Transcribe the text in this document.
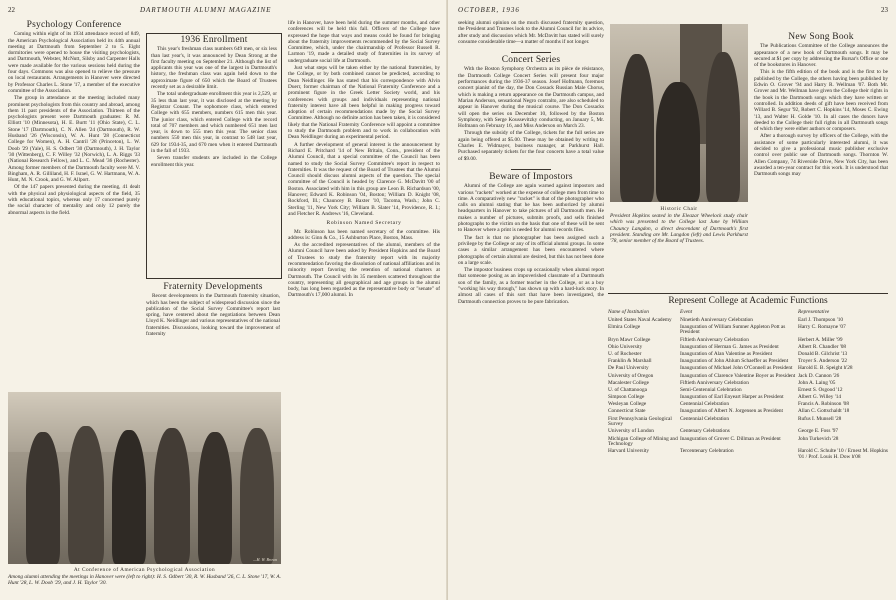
22	DARTMOUTH ALUMNI MAGAZINE
Psychology Conference

Coming within eight of its 1934 attendance record of 849, the American Psychological Association held its 44th annual meeting at Dartmouth from September 2 to 5. Eight dormitories were opened to house the visiting psychologists, and Dartmouth, Webster, McNutt, Silsby and Carpenter Halls were made available for the various sessions held during the four days. Commons was also opened to relieve the pressure on local restaurants. Arrangements in Hanover were directed by Professor Charles L. Stone '17, a member of the executive committee of the Association.

The group in attendance at the meeting included many prominent psychologists from this country and abroad, among them 11 past presidents of the Association. Thirteen of the psychologists present were Dartmouth graduates: R. M. Elliott '10 (Minnesota), H. E. Burtt '11 (Ohio State), C. L. Stone '17 (Dartmouth), C. N. Allen '24 (Dartmouth), R. W. Husband '26 (Wisconsin), W. A. Hunt '28 (Connecticut College for Women), A. H. Cantril '28 (Princeton), L. W. Doob '29 (Yale), H. S. Odbert '30 (Dartmouth), J. H. Taylor '30 (Wittenberg), C. F. Willey '32 (Norwich), L. A. Riggs '33 (National Research Fellow), and L. C. Mead '36 (Rochester). Among former members of the Dartmouth faculty were M. V. Bingham, A. R. Gilliland, H. F. Israel, G. W. Hartmann, W. A. Hunt, M. N. Crook, and G. W. Allport.

Of the 147 papers presented during the meeting, 41 dealt with the physical and physiological aspects of the field, 35 with educational topics, whereas only 17 concerned purely the social character of mentality and only 12 purely the abnormal aspects in the field.

1936 Enrollment

This year's freshman class numbers 649 men, or six less than last year's, it was announced by Dean Strong at the first faculty meeting on September 21. Although the list of applicants this year was one of the largest in Dartmouth's history, the freshman class was again held down to the approximate figure of 650 which the Board of Trustees recently set as a desirable limit.

The total undergraduate enrollment this year is 2,529, or 35 less than last year, it was disclosed at the meeting by Registrar Conant. The sophomore class, which entered College with 655 members, numbers 615 men this year. The junior class, which entered College with the record total of 707 members and which numbered 651 men last year, is down to 555 men this year. The senior class numbers 550 men this year, in contrast to 548 last year, 629 for 1934-35, and 670 men when it entered Dartmouth in the fall of 1933.

Seven transfer students are included in the College enrollment this year.

Fraternity Developments

Recent developments in the Dartmouth fraternity situation, which has been the subject of widespread discussion since the publication of the Social Survey Committee's report last spring, have centered about the negotiations between Dean Lloyd K. Neidlinger and various representatives of the national fraternities. Discussions, looking toward the improvement of fraternity

life in Hanover, have been held during the summer months, and other conferences will be held this fall. Officers of the College have expressed the hope that ways and means could be found for bringing about the fraternity improvements recommended by the Social Survey Committee, which, under the chairmanship of Professor Russell R. Larmon '19, made a detailed study of fraternities in its survey of undergraduate social life at Dartmouth.

Just what steps will be taken either by the national fraternities, by the College, or by both combined cannot be predicted, according to Dean Neidlinger. He has stated that his correspondence with Alvin Duerr, former chairman of the National Fraternity Conference and a prominent figure in the Greek Letter Society world, and his conferences with groups and individuals representing national fraternity interest have all been helpful in making progress toward adoption of certain recommendations made by the Social Survey Committee. Although no definite action has been taken, it is considered likely that the National Fraternity Conference will appoint a committee to study the Dartmouth problem and to work in collaboration with Dean Neidlinger during an experimental period.

A further development of general interest is the announcement by Richard E. Pritchard '14 of New Britain, Conn., president of the Alumni Council, that a special committee of the Council has been named to study the Social Survey Committee's report in respect to fraternities. It was the request of the Board of Trustees that the Alumni Council should discuss alumni aspects of the question. The special committee of the Council is headed by Clarence G. McDavitt '00 of Boston. Associated with him in this group are Leon B. Richardson '00, Hanover; Edward K. Robinson '04, Boston; William D. Knight '08, Rockford, Ill.; Chauncey B. Baxter '10, Tacoma, Wash.; John C. Sterling '11, New York City; William B. Slater '14, Providence, R. I.; and Fletcher R. Andrews '16, Cleveland.

Robinson Named Secretary

Mr. Robinson has been named secretary of the committee. His address is: Ginn & Co., 15 Ashburton Place, Boston, Mass.

As the accredited representatives of the alumni, members of the Alumni Council have been asked by President Hopkins and the Board of Trustees to study the fraternity report with its majority recommendation favoring the dissolution of national affiliations and its minority report favoring the retention of national charters at Dartmouth. The Council with its 35 members scattered throughout the country, representing all geographical and age groups in the alumni body, has long been regarded as the representative body or "senate" of Dartmouth's 17,000 alumni. In

—H. W. Brown
At Conference of American Psychological Association
Among alumni attending the meetings in Hanover were (left to right): H. S. Odbert '30, R. W. Husband '26, C. L. Stone '17, W. A. Hunt '28, L. W. Doob '29, and J. H. Taylor '30.
OCTOBER, 1936	23

seeking alumni opinion on the much discussed fraternity question, the President and Trustees look to the Alumni Council for its advice, after study and discussion which Mr. McDavitt has stated will surely consume considerable time—a matter of months if not longer.

Concert Series

With the Boston Symphony Orchestra as its pièce de résistance, the Dartmouth College Concert Series will present four major performances during the 1936-37 season. Josef Hofmann, foremost concert pianist of the day, the Don Cossack Russian Male Chorus, which is making a return appearance on the Dartmouth campus, and Marian Anderson, sensational Negro contralto, are also scheduled to appear in Hanover during the musical course. The Don Cossacks will open the series on December 10, followed by the Boston Symphony, with Serge Koussevitzky conducting, on January 5, Mr. Hofmann on February 16, and Miss Anderson on March 23.

Through the subsidy of the College, tickets for the full series are again being offered at $5.00. These may be obtained by writing to Charles E. Widmayer, business manager, at Parkhurst Hall. Purchased separately tickets for the four concerts have a total value of $9.00.

Beware of Impostors

Alumni of the College are again warned against impostors and various "rackets" worked at the expense of college men from time to time. A comparatively new "racket" is that of the photographer who calls on alumni stating that he has been authorized by alumni headquarters in Hanover to take pictures of all Dartmouth men. He makes a number of pictures, submits proofs, and sells finished photographs to the victim on the basis that one of these will be sent to Hanover where a print is needed for alumni records files.

The fact is that no photographer has been assigned such a privilege by the College or any of its official alumni groups. In some cases a similar arrangement has been encountered where photographs of certain alumni are desired, but this has not been done on a large scale.

The impostor business crops up occasionally when alumni report that someone posing as an impoverished classmate of a Dartmouth son of the family, as a former teacher in the College, or as a boy "working his way through," has shown up with a hard-luck story. In almost all cases of this sort that have been investigated, the Dartmouth connection proves to be pure fabrication.

Historic Chair
President Hopkins seated in the Eleazar Wheelock study chair which was presented to the College last June by William Chauncy Langdon, a direct descendant of Dartmouth's first president. Standing are Mr. Langdon (left) and Lewis Parkhurst '78, senior member of the Board of Trustees.
New Song Book

The Publications Committee of the College announces the appearance of a new book of Dartmouth songs. It may be secured at $1 per copy by addressing the Bursar's Office or one of the bookstores in Hanover.

This is the fifth edition of the book and is the first to be published by the College, the others having been published by Edwin O. Grover '94 and Harry R. Wellman '07. Both Mr. Grover and Mr. Wellman have given the College their rights in the book in the Dartmouth songs which they have written or controlled. In addition deeds of gift have been received from Willard B. Segur '92, Robert C. Hopkins '14, Moses C. Ewing '13, and Walter H. Golde '10. In all cases the donors have deeded to the College their full rights in all Dartmouth songs of which they were either authors or composers.

After a thorough survey by officers of the College, with the assistance of some particularly interested alumni, it was decided to give a professional music publisher exclusive control over public use of Dartmouth songs. Thornton W. Allen Company, 74 Riverside Drive, New York City, has been awarded a ten-year contract for this work. It is understood that Dartmouth songs may

Represent College at Academic Functions
Name of Institution	Event	Representative
United States Naval Academy	Ninetieth Anniversary Celebration	Earl J. Thompson '10
Elmira College	Inauguration of William Sumner Appleton Pott as President	Harry C. Romayne '07
Bryn Mawr College	Fiftieth Anniversary Celebration	Herbert A. Miller '99
Ohio University	Inauguration of Herman G. James as President	Albert R. Chandler '08
U. of Rochester	Inauguration of Alan Valentine as President	Donald B. Gilchrist '13
Franklin & Marshall	Inauguration of John Ahlum Schaeffer as President	Troyer S. Anderson '22
De Paul University	Inauguration of Michael John O'Connell as President	Harold E. B. Speight h'28
University of Oregon	Inauguration of Clarence Valentine Boyer as President	Jack D. Cannon '26
Macalester College	Fiftieth Anniversary Celebration	John A. Laing '05
U. of Chattanooga	Semi-Centennial Celebration	Ernest S. Osgood '12
Simpson College	Inauguration of Earl Enyeart Harper as President	Albert G. Willey '14
Wesleyan College	Centennial Celebration	Francis A. Robinson '08
Connecticut State	Inauguration of Albert N. Jorgensen as President	Allan C. Gottschaldt '18
First Pennsylvania Geological Survey	Centennial Celebration	Rufus I. Munsell '28
University of London	Centenary Celebrations	George E. Foss '97
Michigan College of Mining and Technology	Inauguration of Grover C. Dillman as President	John Turkevich '28
Harvard University	Tercentenary Celebration	Harold C. Schulte '10 / Ernest M. Hopkins '01 / Prof. Louis H. Dow h'08
